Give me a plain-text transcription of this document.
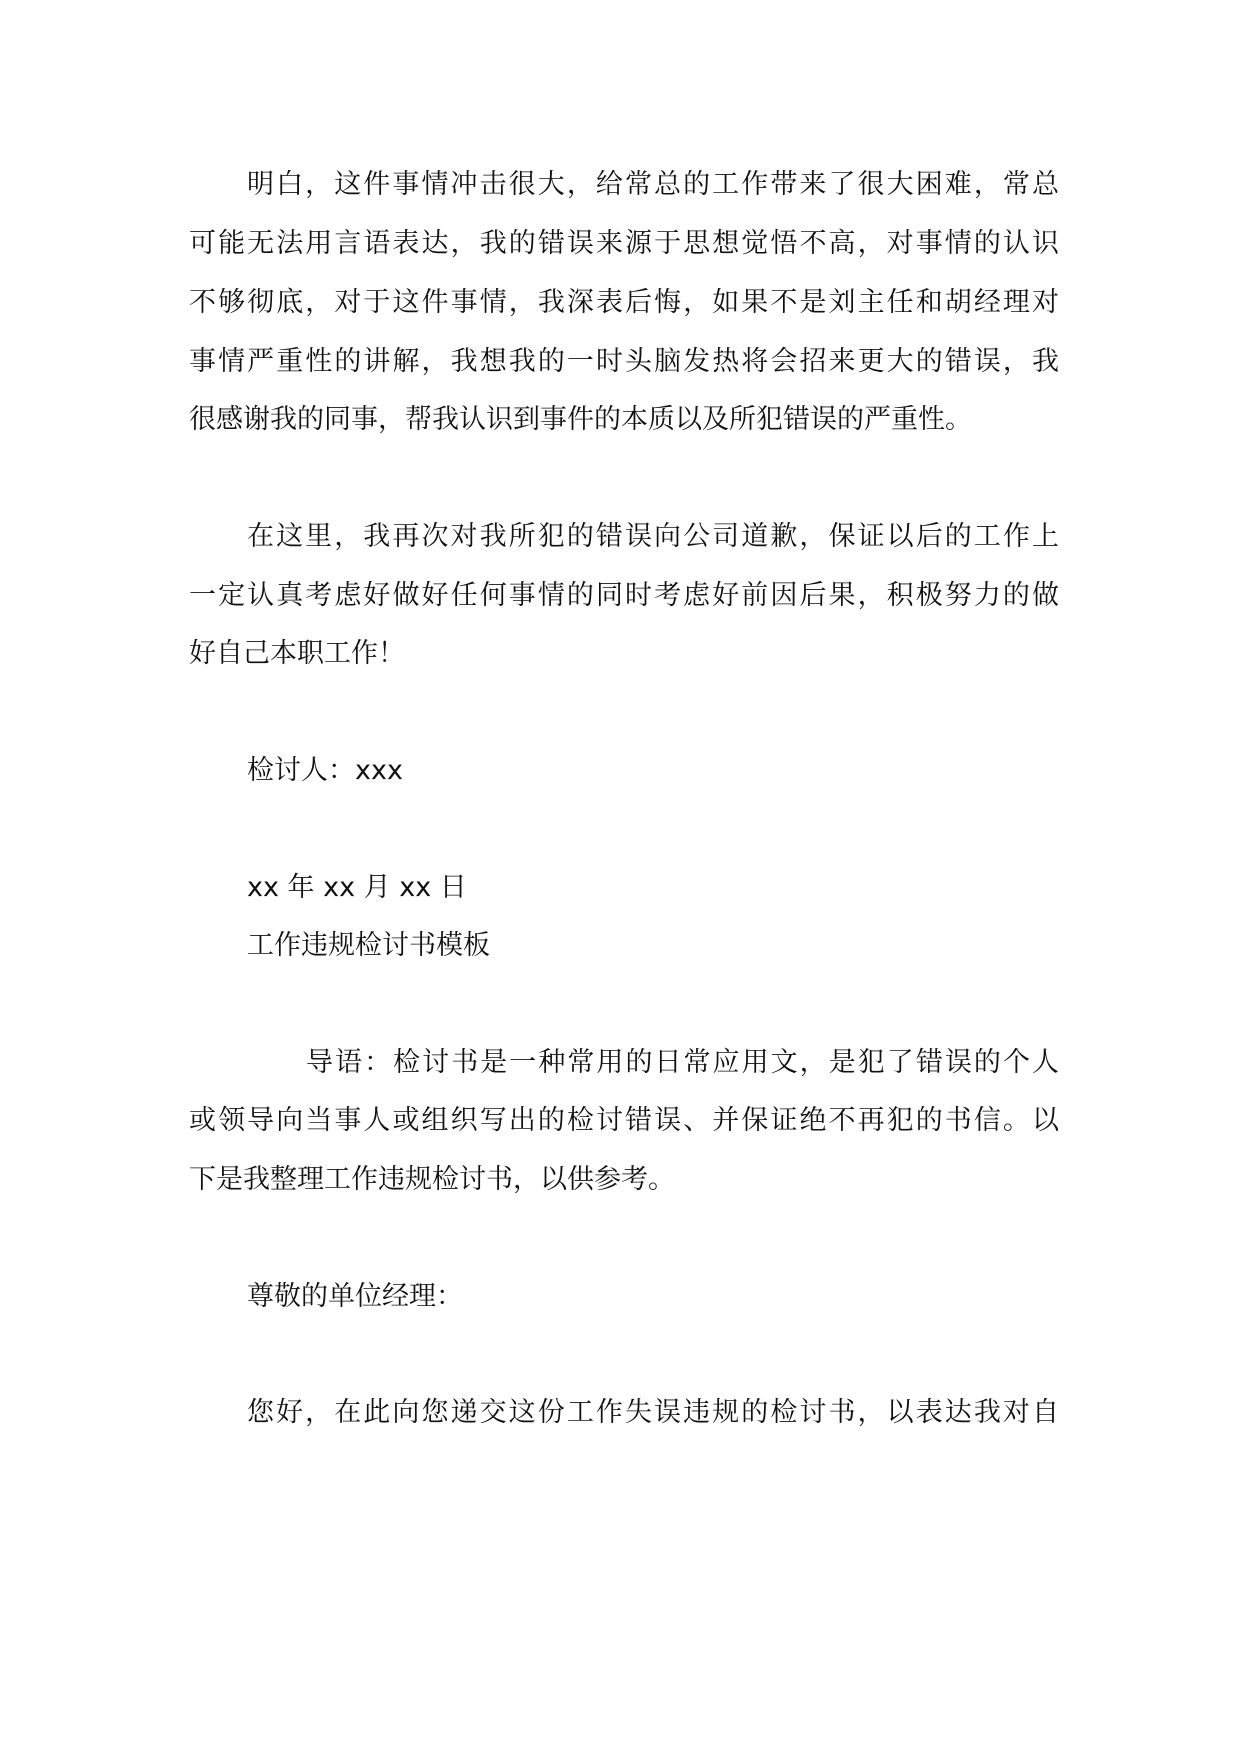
明白，这件事情冲击很大，给常总的工作带来了很大困难，常总
可能无法用言语表达，我的错误来源于思想觉悟不高，对事情的认识
不够彻底，对于这件事情，我深表后悔，如果不是刘主任和胡经理对
事情严重性的讲解，我想我的一时头脑发热将会招来更大的错误，我
很感谢我的同事，帮我认识到事件的本质以及所犯错误的严重性。
在这里，我再次对我所犯的错误向公司道歉，保证以后的工作上
一定认真考虑好做好任何事情的同时考虑好前因后果，积极努力的做
好自己本职工作！
检讨人：xxx
xx 年 xx 月 xx 日
工作违规检讨书模板
导语：检讨书是一种常用的日常应用文，是犯了错误的个人
或领导向当事人或组织写出的检讨错误、并保证绝不再犯的书信。以
下是我整理工作违规检讨书，以供参考。
尊敬的单位经理：
您好，在此向您递交这份工作失误违规的检讨书，以表达我对自
